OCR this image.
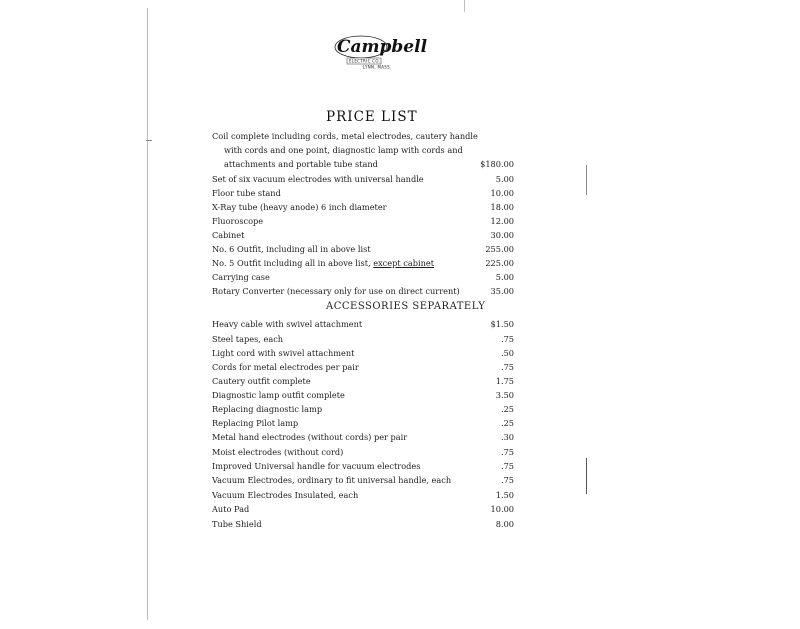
Campbell
ELECTRIC CO.
LYNN, MASS.
PRICE LIST
Coil complete including cords, metal electrodes, cautery handle
with cords and one point, diagnostic lamp with cords and
attachments and portable tube stand	$180.00
Set of six vacuum electrodes with universal handle	5.00
Floor tube stand	10.00
X-Ray tube (heavy anode) 6 inch diameter	18.00
Fluoroscope	12.00
Cabinet	30.00
No. 6 Outfit, including all in above list	255.00
No. 5 Outfit including all in above list, except cabinet	225.00
Carrying case	5.00
Rotary Converter (necessary only for use on direct current)	35.00
ACCESSORIES SEPARATELY
Heavy cable with swivel attachment	$1.50
Steel tapes, each	.75
Light cord with swivel attachment	.50
Cords for metal electrodes per pair	.75
Cautery outfit complete	1.75
Diagnostic lamp outfit complete	3.50
Replacing diagnostic lamp	.25
Replacing Pilot lamp	.25
Metal hand electrodes (without cords) per pair	.30
Moist electrodes (without cord)	.75
Improved Universal handle for vacuum electrodes	.75
Vacuum Electrodes, ordinary to fit universal handle, each	.75
Vacuum Electrodes Insulated, each	1.50
Auto Pad	10.00
Tube Shield	8.00
